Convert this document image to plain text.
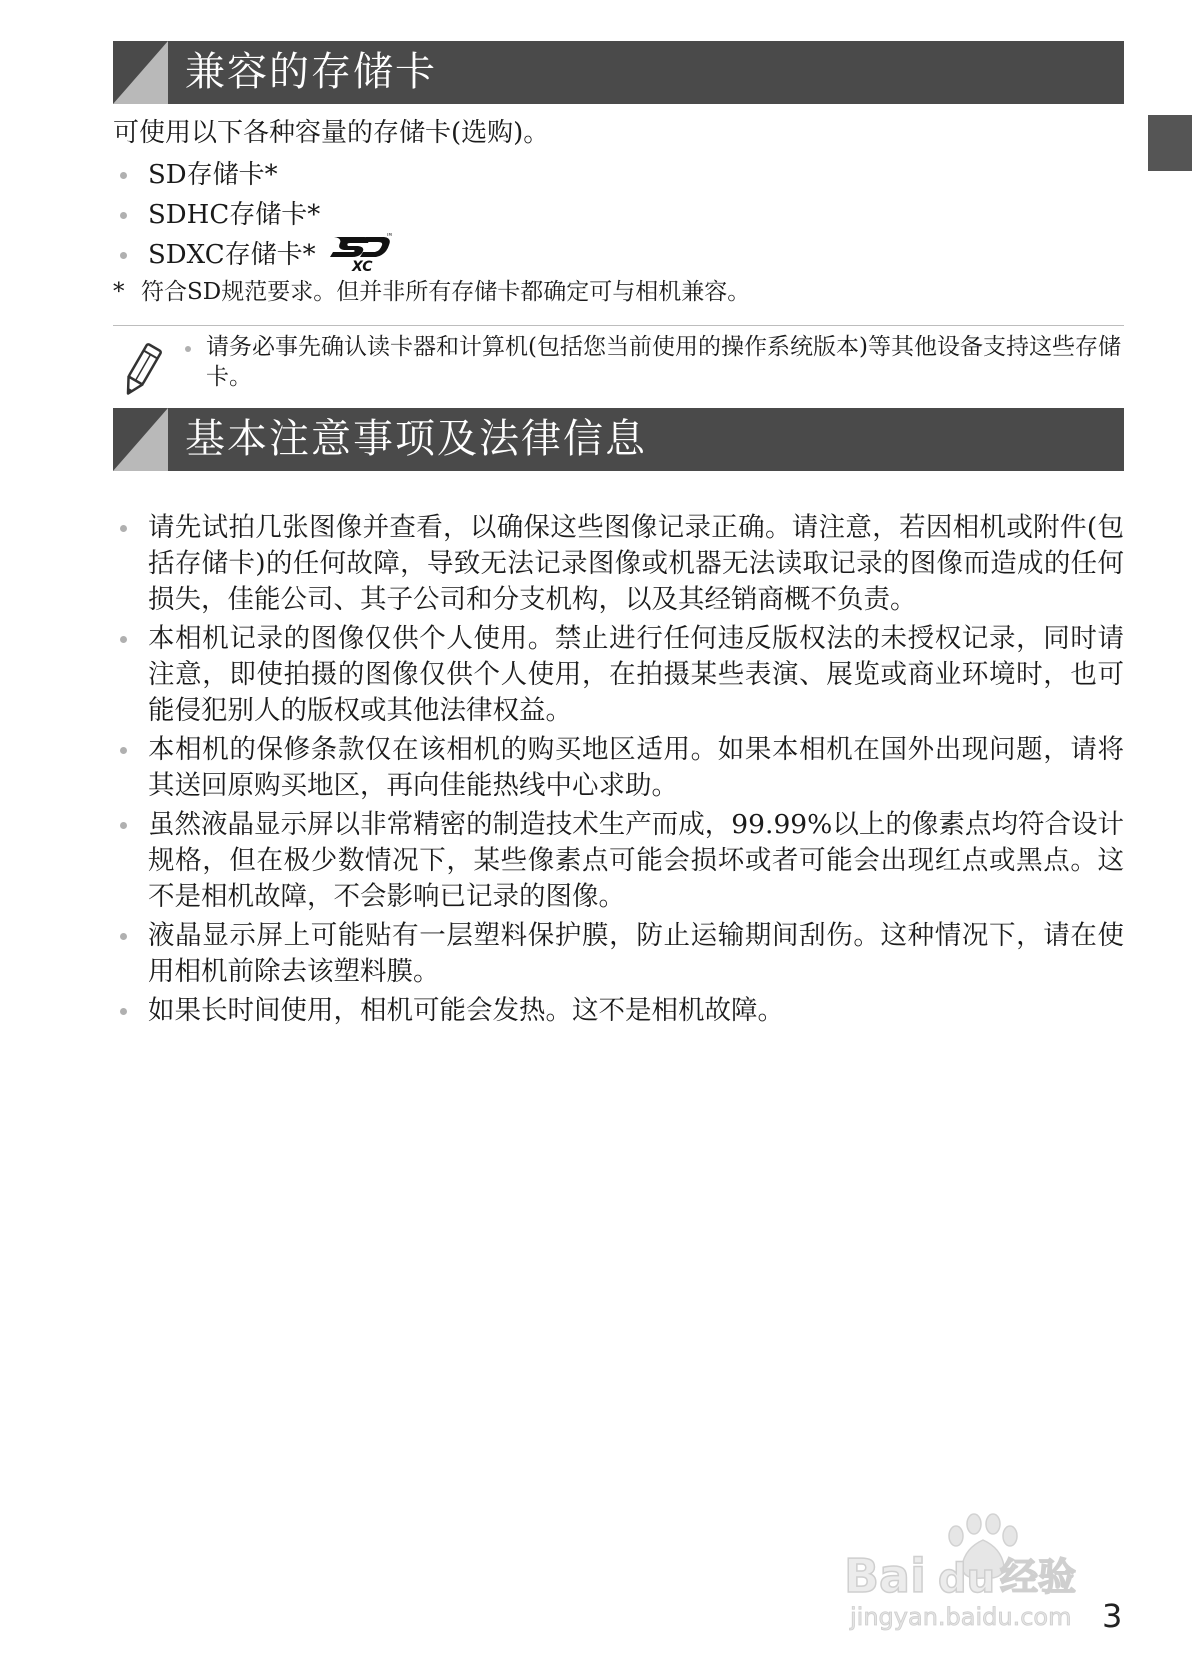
兼容的存储卡
可使用以下各种容量的存储卡(选购)。
SD存储卡*
SDHC存储卡*
SDXC存储卡*	XC
TM
* 符合SD规范要求。但并非所有存储卡都确定可与相机兼容。
请务必事先确认读卡器和计算机(包括您当前使用的操作系统版本)等其他设备支持这些存储卡。
基本注意事项及法律信息
请先试拍几张图像并查看，以确保这些图像记录正确。请注意，若因相机或附件(包括存储卡)的任何故障，导致无法记录图像或机器无法读取记录的图像而造成的任何损失，佳能公司、其子公司和分支机构，以及其经销商概不负责。
本相机记录的图像仅供个人使用。禁止进行任何违反版权法的未授权记录，同时请注意，即使拍摄的图像仅供个人使用，在拍摄某些表演、展览或商业环境时，也可能侵犯别人的版权或其他法律权益。
本相机的保修条款仅在该相机的购买地区适用。如果本相机在国外出现问题，请将其送回原购买地区，再向佳能热线中心求助。
虽然液晶显示屏以非常精密的制造技术生产而成，99.99%以上的像素点均符合设计规格，但在极少数情况下，某些像素点可能会损坏或者可能会出现红点或黑点。这不是相机故障，不会影响已记录的图像。
液晶显示屏上可能贴有一层塑料保护膜，防止运输期间刮伤。这种情况下，请在使用相机前除去该塑料膜。
如果长时间使用，相机可能会发热。这不是相机故障。
Bai du 经验
jingyan.baidu.com 3
